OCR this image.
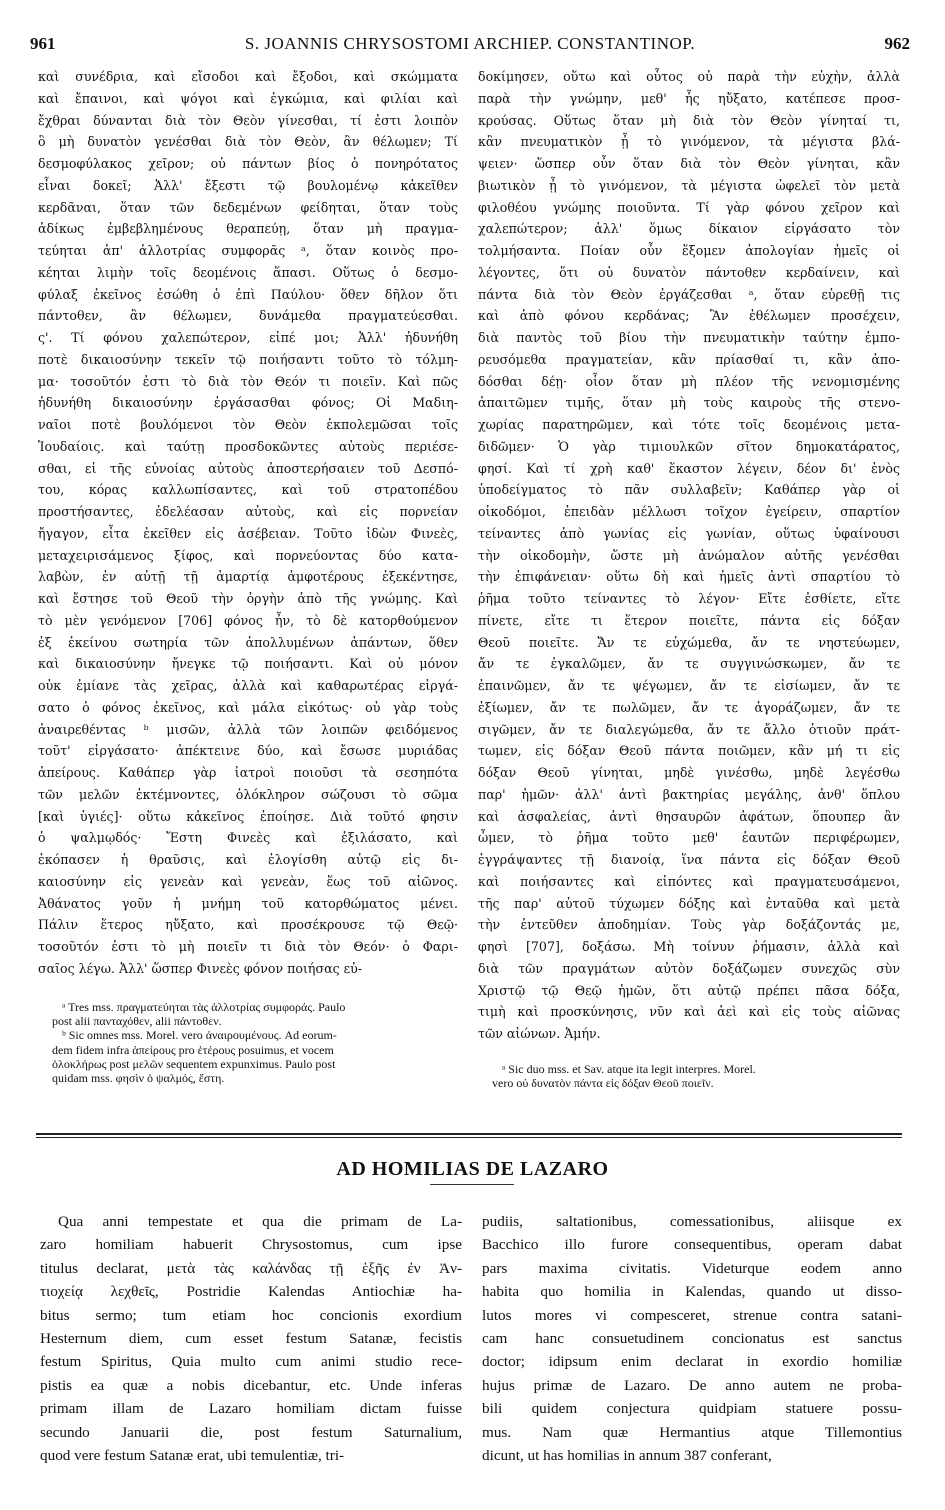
961	S. JOANNIS CHRYSOSTOMI ARCHIEP. CONSTANTINOP.	962
καὶ συνέδρια, καὶ εἴσοδοι καὶ ἔξοδοι, καὶ σκώμματα
καὶ ἔπαινοι, καὶ ψόγοι καὶ ἐγκώμια, καὶ φιλίαι καὶ
ἔχθραι δύνανται διὰ τὸν Θεὸν γίνεσθαι, τί ἐστι λοιπὸν
ὃ μὴ δυνατὸν γενέσθαι διὰ τὸν Θεὸν, ἂν θέλωμεν; Τί
δεσμοφύλακος χεῖρον; οὐ πάντων βίος ὁ πονηρότατος
εἶναι δοκεῖ; Ἀλλ' ἔξεστι τῷ βουλομένῳ κἀκεῖθεν
κερδᾶναι, ὅταν τῶν δεδεμένων φείδηται, ὅταν τοὺς
ἀδίκως ἐμβεβλημένους θεραπεύῃ, ὅταν μὴ πραγμα-
τεύηται ἀπ' ἀλλοτρίας συμφορᾶς ᵃ, ὅταν κοινὸς προ-
κέηται λιμὴν τοῖς δεομένοις ἅπασι. Οὕτως ὁ δεσμο-
φύλαξ ἐκεῖνος ἐσώθη ὁ ἐπὶ Παύλου· ὅθεν δῆλον ὅτι
πάντοθεν, ἂν θέλωμεν, δυνάμεθα πραγματεύεσθαι.
ς'. Τί φόνου χαλεπώτερον, εἰπέ μοι; Ἀλλ' ἠδυνήθη
ποτὲ δικαιοσύνην τεκεῖν τῷ ποιήσαντι τοῦτο τὸ τόλμη-
μα· τοσοῦτόν ἐστι τὸ διὰ τὸν Θεόν τι ποιεῖν. Καὶ πῶς
ἠδυνήθη δικαιοσύνην ἐργάσασθαι φόνος; Οἱ Μαδιη-
ναῖοι ποτὲ βουλόμενοι τὸν Θεὸν ἐκπολεμῶσαι τοῖς
Ἰουδαίοις. καὶ ταύτῃ προσδοκῶντες αὐτοὺς περιέσε-
σθαι, εἰ τῆς εὐνοίας αὐτοὺς ἀποστερήσαιεν τοῦ Δεσπό-
του, κόρας καλλωπίσαντες, καὶ τοῦ στρατοπέδου
προστήσαντες, ἐδελέασαν αὐτοὺς, καὶ εἰς πορνείαν
ἤγαγον, εἶτα ἐκεῖθεν εἰς ἀσέβειαν. Τοῦτο ἰδὼν Φινεὲς,
μεταχειρισάμενος ξίφος, καὶ πορνεύοντας δύο κατα-
λαβὼν, ἐν αὐτῇ τῇ ἁμαρτίᾳ ἀμφοτέρους ἐξεκέντησε,
καὶ ἔστησε τοῦ Θεοῦ τὴν ὀργὴν ἀπὸ τῆς γνώμης. Καὶ
τὸ μὲν γενόμενον [706] φόνος ἦν, τὸ δὲ κατορθούμενον
ἐξ ἐκείνου σωτηρία τῶν ἀπολλυμένων ἁπάντων, ὅθεν
καὶ δικαιοσύνην ἤνεγκε τῷ ποιήσαντι. Καὶ οὐ μόνον
οὐκ ἐμίανε τὰς χεῖρας, ἀλλὰ καὶ καθαρωτέρας εἰργά-
σατο ὁ φόνος ἐκεῖνος, καὶ μάλα εἰκότως· οὐ γὰρ τοὺς
ἀναιρεθέντας ᵇ μισῶν, ἀλλὰ τῶν λοιπῶν φειδόμενος
τοῦτ' εἰργάσατο· ἀπέκτεινε δύο, καὶ ἔσωσε μυριάδας
ἀπείρους. Καθάπερ γὰρ ἰατροὶ ποιοῦσι τὰ σεσηπότα
τῶν μελῶν ἐκτέμνοντες, ὁλόκληρον σώζουσι τὸ σῶμα
[καὶ ὑγιές]· οὕτω κἀκεῖνος ἐποίησε. Διὰ τοῦτό φησιν
ὁ ψαλμῳδός· Ἔστη Φινεὲς καὶ ἐξιλάσατο, καὶ
ἐκόπασεν ἡ θραῦσις, καὶ ἐλογίσθη αὐτῷ εἰς δι-
καιοσύνην εἰς γενεὰν καὶ γενεὰν, ἕως τοῦ αἰῶνος.
Ἀθάνατος γοῦν ἡ μνήμη τοῦ κατορθώματος μένει.
Πάλιν ἕτερος ηὔξατο, καὶ προσέκρουσε τῷ Θεῷ·
τοσοῦτόν ἐστι τὸ μὴ ποιεῖν τι διὰ τὸν Θεόν· ὁ Φαρι-
σαῖος λέγω. Ἀλλ' ὥσπερ Φινεὲς φόνον ποιήσας εὐ-
δοκίμησεν, οὕτω καὶ οὗτος οὐ παρὰ τὴν εὐχὴν, ἀλλὰ
παρὰ τὴν γνώμην, μεθ' ἧς ηὔξατο, κατέπεσε προσ-
κρούσας. Οὕτως ὅταν μὴ διὰ τὸν Θεὸν γίνηταί τι,
κἂν πνευματικὸν ᾖ τὸ γινόμενον, τὰ μέγιστα βλά-
ψειεν· ὥσπερ οὖν ὅταν διὰ τὸν Θεὸν γίνηται, κἂν
βιωτικὸν ᾖ τὸ γινόμενον, τὰ μέγιστα ὠφελεῖ τὸν μετὰ
φιλοθέου γνώμης ποιοῦντα. Τί γὰρ φόνου χεῖρον καὶ
χαλεπώτερον; ἀλλ' ὅμως δίκαιον εἰργάσατο τὸν
τολμήσαντα. Ποίαν οὖν ἕξομεν ἀπολογίαν ἡμεῖς οἱ
λέγοντες, ὅτι οὐ δυνατὸν πάντοθεν κερδαίνειν, καὶ
πάντα διὰ τὸν Θεὸν ἐργάζεσθαι ᵃ, ὅταν εὑρεθῇ τις
καὶ ἀπὸ φόνου κερδάνας; Ἂν ἐθέλωμεν προσέχειν,
διὰ παντὸς τοῦ βίου τὴν πνευματικὴν ταύτην ἐμπο-
ρευσόμεθα πραγματείαν, κἂν πρίασθαί τι, κἂν ἀπο-
δόσθαι δέῃ· οἷον ὅταν μὴ πλέον τῆς νενομισμένης
ἀπαιτῶμεν τιμῆς, ὅταν μὴ τοὺς καιροὺς τῆς στενο-
χωρίας παρατηρῶμεν, καὶ τότε τοῖς δεομένοις μετα-
διδῶμεν· Ὁ γὰρ τιμιουλκῶν σῖτον δημοκατάρατος,
φησί. Καὶ τί χρὴ καθ' ἕκαστον λέγειν, δέον δι' ἑνὸς
ὑποδείγματος τὸ πᾶν συλλαβεῖν; Καθάπερ γὰρ οἱ
οἰκοδόμοι, ἐπειδὰν μέλλωσι τοῖχον ἐγείρειν, σπαρτίον
τείναντες ἀπὸ γωνίας εἰς γωνίαν, οὕτως ὑφαίνουσι
τὴν οἰκοδομὴν, ὥστε μὴ ἀνώμαλον αὐτῆς γενέσθαι
τὴν ἐπιφάνειαν· οὕτω δὴ καὶ ἡμεῖς ἀντὶ σπαρτίου τὸ
ῥῆμα τοῦτο τείναντες τὸ λέγον· Εἴτε ἐσθίετε, εἴτε
πίνετε, εἴτε τι ἕτερον ποιεῖτε, πάντα εἰς δόξαν
Θεοῦ ποιεῖτε. Ἄν τε εὐχώμεθα, ἄν τε νηστεύωμεν,
ἄν τε ἐγκαλῶμεν, ἄν τε συγγινώσκωμεν, ἄν τε
ἐπαινῶμεν, ἄν τε ψέγωμεν, ἄν τε εἰσίωμεν, ἄν τε
ἐξίωμεν, ἄν τε πωλῶμεν, ἄν τε ἀγοράζωμεν, ἄν τε
σιγῶμεν, ἄν τε διαλεγώμεθα, ἄν τε ἄλλο ὁτιοῦν πράτ-
τωμεν, εἰς δόξαν Θεοῦ πάντα ποιῶμεν, κἂν μή τι εἰς
δόξαν Θεοῦ γίνηται, μηδὲ γινέσθω, μηδὲ λεγέσθω
παρ' ἡμῶν· ἀλλ' ἀντὶ βακτηρίας μεγάλης, ἀνθ' ὅπλου
καὶ ἀσφαλείας, ἀντὶ θησαυρῶν ἀφάτων, ὅπουπερ ἂν
ὦμεν, τὸ ῥῆμα τοῦτο μεθ' ἑαυτῶν περιφέρωμεν,
ἐγγράψαντες τῇ διανοίᾳ, ἵνα πάντα εἰς δόξαν Θεοῦ
καὶ ποιήσαντες καὶ εἰπόντες καὶ πραγματευσάμενοι,
τῆς παρ' αὐτοῦ τύχωμεν δόξης καὶ ἐνταῦθα καὶ μετὰ
τὴν ἐντεῦθεν ἀποδημίαν. Τοὺς γὰρ δοξάζοντάς με,
φησὶ [707], δοξάσω. Μὴ τοίνυν ῥήμασιν, ἀλλὰ καὶ
διὰ τῶν πραγμάτων αὐτὸν δοξάζωμεν συνεχῶς σὺν
Χριστῷ τῷ Θεῷ ἡμῶν, ὅτι αὐτῷ πρέπει πᾶσα δόξα,
τιμὴ καὶ προσκύνησις, νῦν καὶ ἀεὶ καὶ εἰς τοὺς αἰῶνας
τῶν αἰώνων. Ἀμήν.
ᵃ Tres mss. πραγματεύηται τὰς ἀλλοτρίας συμφοράς. Paulo
post alii πανταχόθεν, alii πάντοθεν.
ᵇ Sic omnes mss. Morel. vero ἀναιρουμένους. Ad eorum-
dem fidem infra ἀπείρους pro ἑτέρους posuimus, et vocem
ὁλοκλήρως post μελῶν sequentem expunximus. Paulo post
quidam mss. φησὶν ὁ ψαλμός, ἔστη.
ᵃ Sic duo mss. et Sav. atque ita legit interpres. Morel.
vero οὐ δυνατὸν πάντα εἰς δόξαν Θεοῦ ποιεῖν.
AD HOMILIAS DE LAZARO
Qua anni tempestate et qua die primam de La-
zaro homiliam habuerit Chrysostomus, cum ipse
titulus declarat, μετὰ τὰς καλάνδας τῇ ἑξῆς ἐν Ἀν-
τιοχείᾳ λεχθεῖς, Postridie Kalendas Antiochiæ ha-
bitus sermo; tum etiam hoc concionis exordium
Hesternum diem, cum esset festum Satanæ, fecistis
festum Spiritus, Quia multo cum animi studio rece-
pistis ea quæ a nobis dicebantur, etc. Unde inferas
primam illam de Lazaro homiliam dictam fuisse
secundo Januarii die, post festum Saturnalium,
quod vere festum Satanæ erat, ubi temulentiæ, tri-
pudiis, saltationibus, comessationibus, aliisque ex
Bacchico illo furore consequentibus, operam dabat
pars maxima civitatis. Videturque eodem anno
habita quo homilia in Kalendas, quando ut disso-
lutos mores vi compesceret, strenue contra satani-
cam hanc consuetudinem concionatus est sanctus
doctor; idipsum enim declarat in exordio homiliæ
hujus primæ de Lazaro. De anno autem ne proba-
bili quidem conjectura quidpiam statuere possu-
mus. Nam quæ Hermantius atque Tillemontius
dicunt, ut has homilias in annum 387 conferant,
